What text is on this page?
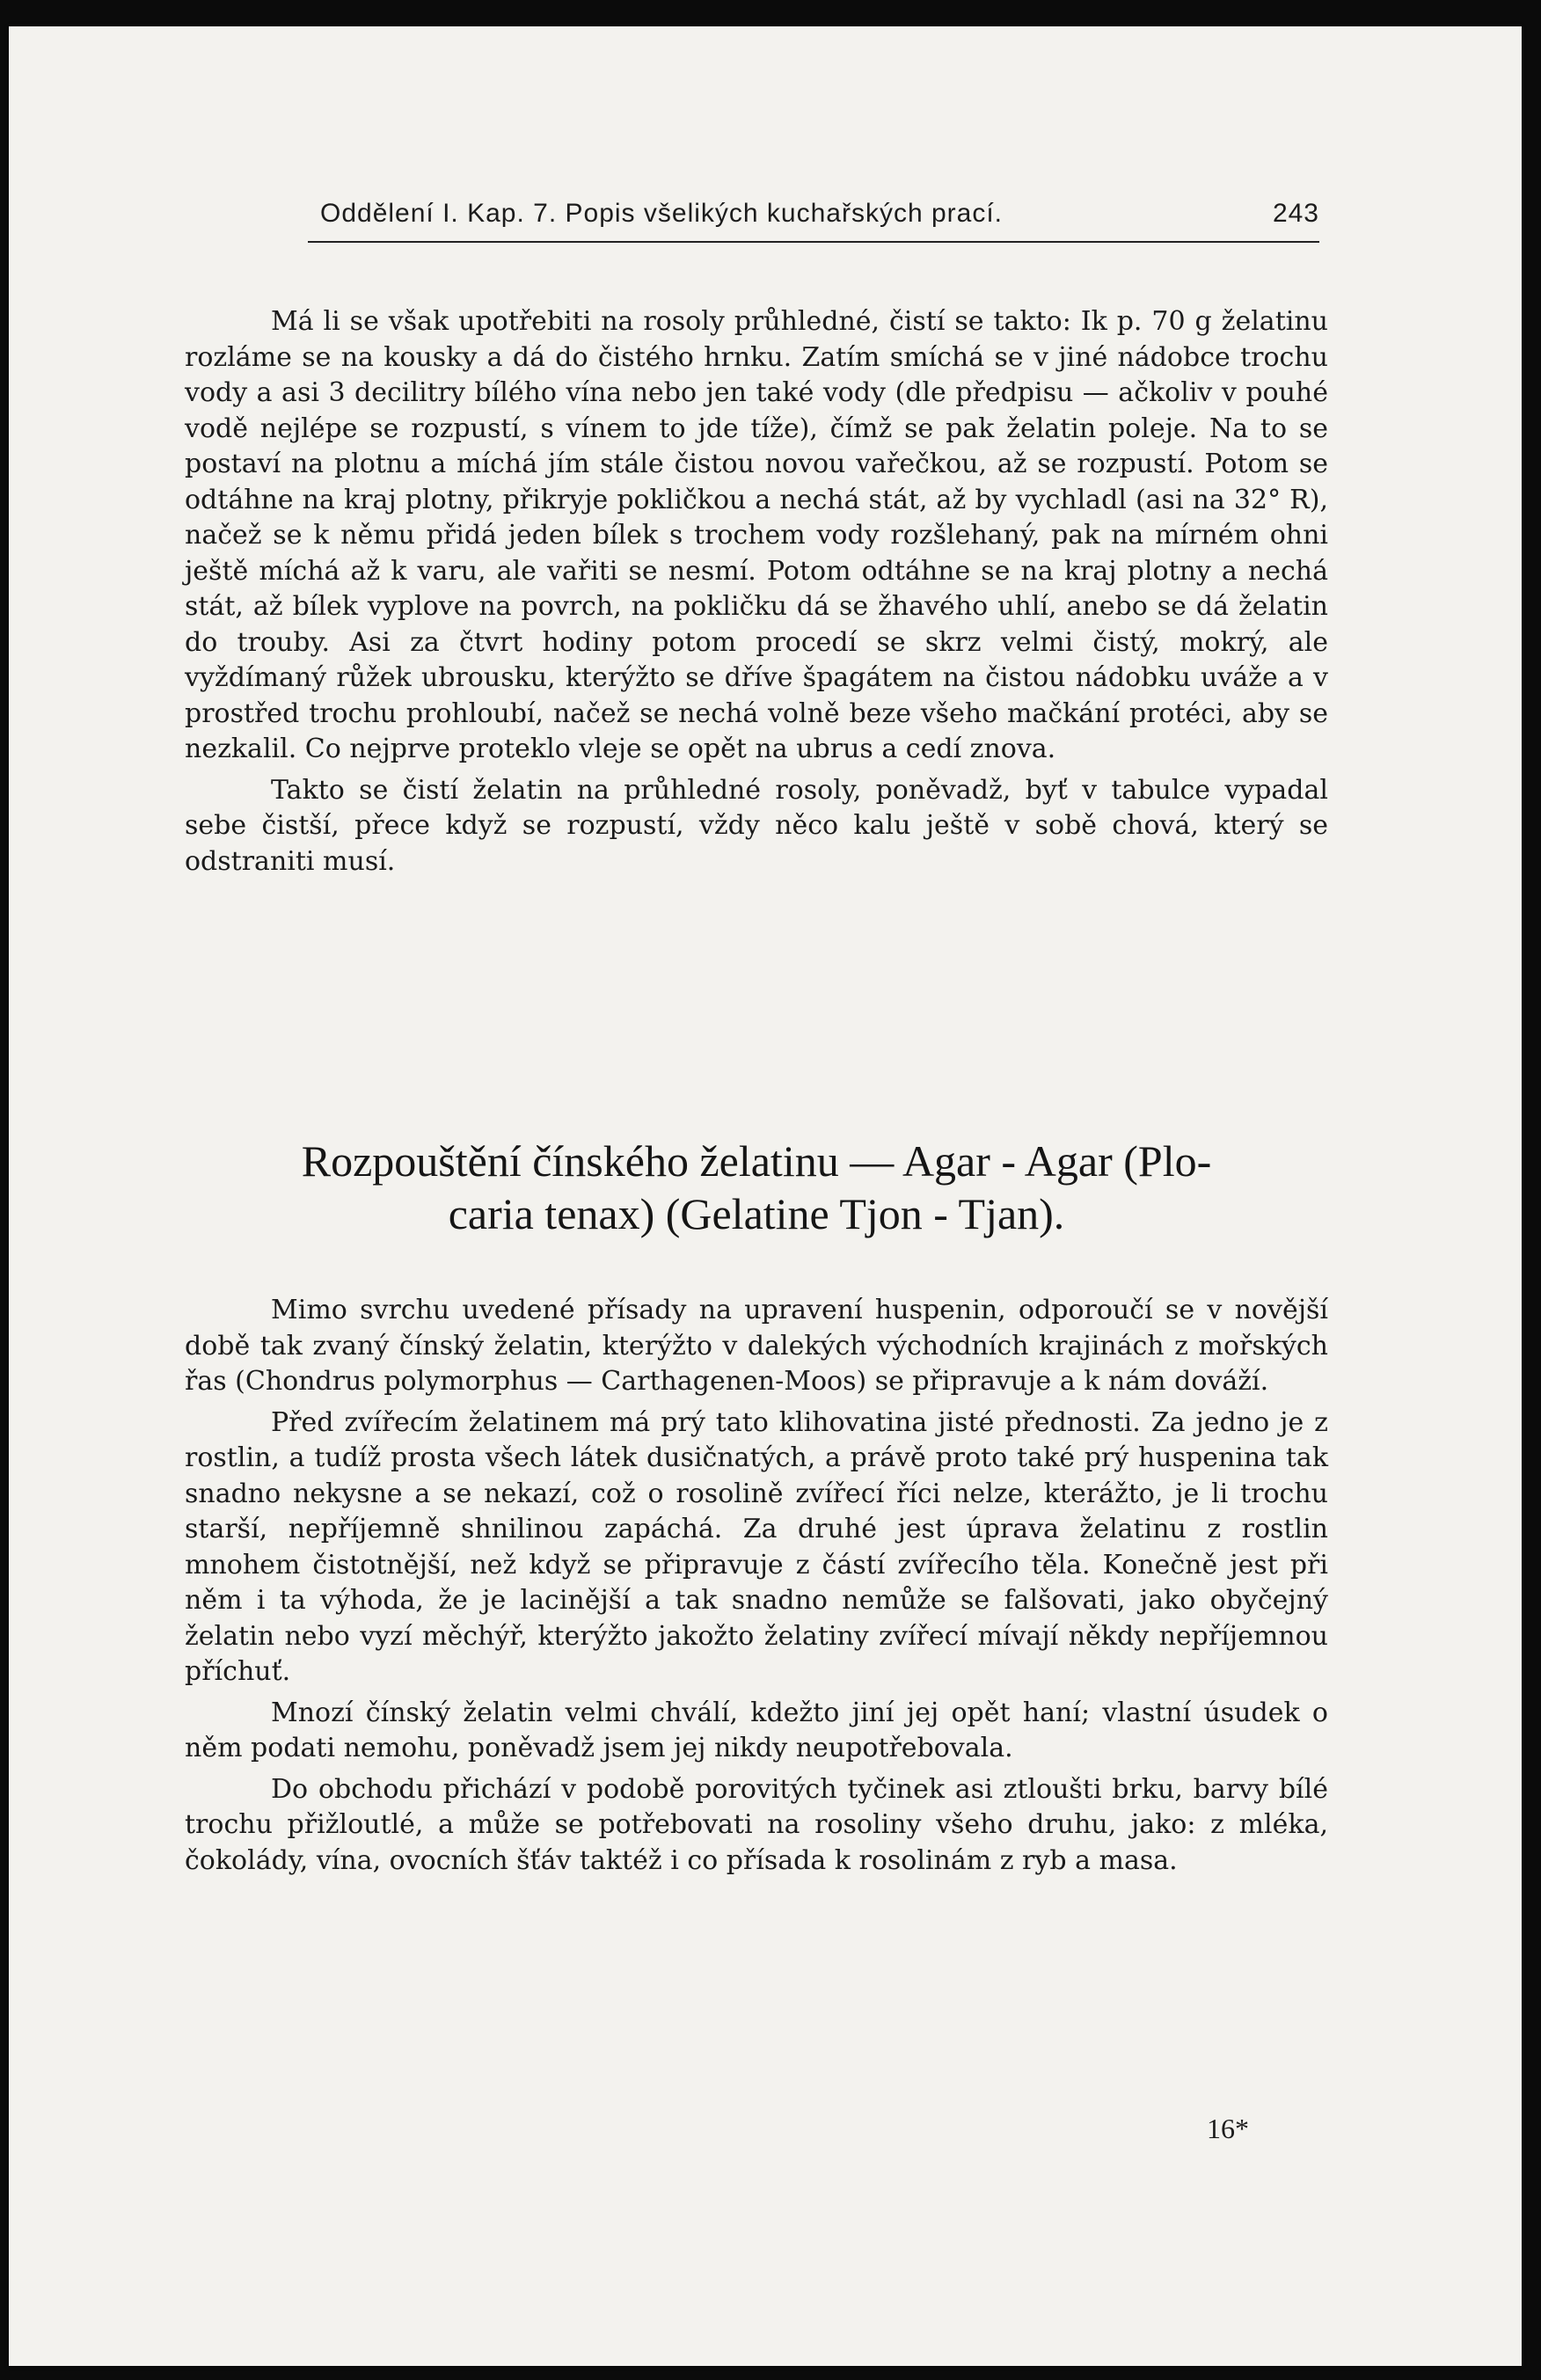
Oddělení I. Kap. 7. Popis všelikých kuchařských prací.	243

Má li se však upotřebiti na rosoly průhledné, čistí se takto: Ik p. 70 g želatinu rozláme se na kousky a dá do čistého hrnku. Zatím smíchá se v jiné nádobce trochu vody a asi 3 decilitry bílého vína nebo jen také vody (dle předpisu — ačkoliv v pouhé vodě nejlépe se rozpustí, s vínem to jde tíže), čímž se pak želatin poleje. Na to se postaví na plotnu a míchá jím stále čistou novou vařečkou, až se rozpustí. Potom se odtáhne na kraj plotny, přikryje pokličkou a nechá stát, až by vychladl (asi na 32° R), načež se k němu přidá jeden bílek s trochem vody rozšlehaný, pak na mírném ohni ještě míchá až k varu, ale vařiti se nesmí. Potom odtáhne se na kraj plotny a nechá stát, až bílek vyplove na povrch, na pokličku dá se žhavého uhlí, anebo se dá želatin do trouby. Asi za čtvrt hodiny potom procedí se skrz velmi čistý, mokrý, ale vyždímaný růžek ubrousku, kterýžto se dříve špagátem na čistou nádobku uváže a v prostřed trochu prohloubí, načež se nechá volně beze všeho mačkání protéci, aby se nezkalil. Co nejprve proteklo vleje se opět na ubrus a cedí znova.

Takto se čistí želatin na průhledné rosoly, poněvadž, byť v tabulce vypadal sebe čistší, přece když se rozpustí, vždy něco kalu ještě v sobě chová, který se odstraniti musí.

Rozpouštění čínského želatinu — Agar - Agar (Plo-
caria tenax) (Gelatine Tjon - Tjan).

Mimo svrchu uvedené přísady na upravení huspenin, odporoučí se v novější době tak zvaný čínský želatin, kterýžto v dalekých východních krajinách z mořských řas (Chondrus polymorphus — Carthagenen-Moos) se připravuje a k nám dováží.

Před zvířecím želatinem má prý tato klihovatina jisté přednosti. Za jedno je z rostlin, a tudíž prosta všech látek dusičnatých, a právě proto také prý huspenina tak snadno nekysne a se nekazí, což o rosolině zvířecí říci nelze, kterážto, je li trochu starší, nepříjemně shnilinou zapáchá. Za druhé jest úprava želatinu z rostlin mnohem čistotnější, než když se připravuje z částí zvířecího těla. Konečně jest při něm i ta výhoda, že je lacinější a tak snadno nemůže se falšovati, jako obyčejný želatin nebo vyzí měchýř, kterýžto jakožto želatiny zvířecí mívají někdy nepříjemnou příchuť.

Mnozí čínský želatin velmi chválí, kdežto jiní jej opět haní; vlastní úsudek o něm podati nemohu, poněvadž jsem jej nikdy neupotřebovala.

Do obchodu přichází v podobě porovitých tyčinek asi ztloušti brku, barvy bílé trochu přižloutlé, a může se potřebovati na rosoliny všeho druhu, jako: z mléka, čokolády, vína, ovocních šťáv taktéž i co přísada k rosolinám z ryb a masa.

16*
